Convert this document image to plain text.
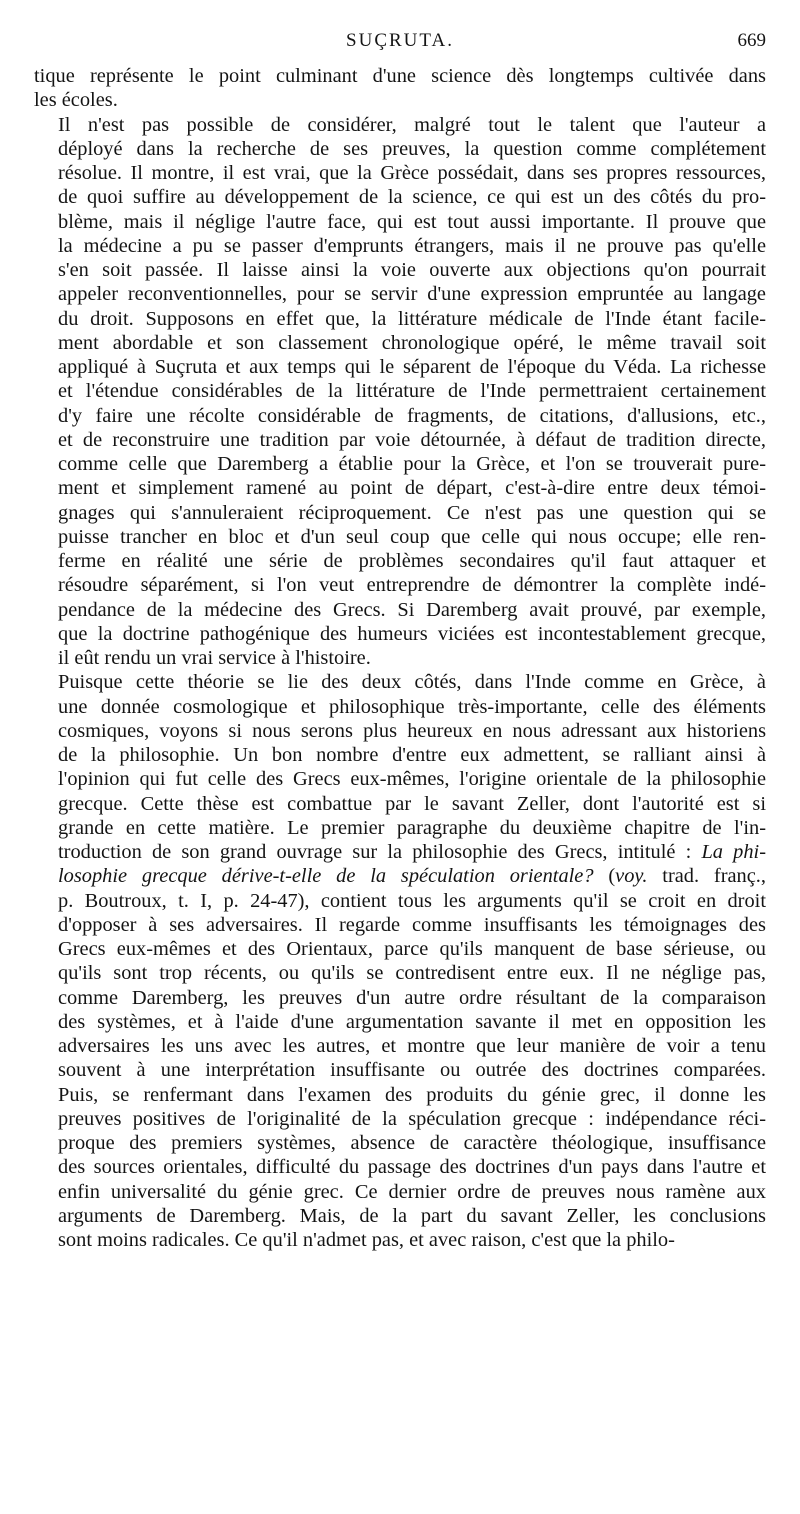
SUÇRUTA.	669
tique représente le point culminant d'une science dès longtemps cultivée dans
les écoles.
Il n'est pas possible de considérer, malgré tout le talent que l'auteur a
déployé dans la recherche de ses preuves, la question comme complétement
résolue. Il montre, il est vrai, que la Grèce possédait, dans ses propres ressources,
de quoi suffire au développement de la science, ce qui est un des côtés du pro-
blème, mais il néglige l'autre face, qui est tout aussi importante. Il prouve que
la médecine a pu se passer d'emprunts étrangers, mais il ne prouve pas qu'elle
s'en soit passée. Il laisse ainsi la voie ouverte aux objections qu'on pourrait
appeler reconventionnelles, pour se servir d'une expression empruntée au langage
du droit. Supposons en effet que, la littérature médicale de l'Inde étant facile-
ment abordable et son classement chronologique opéré, le même travail soit
appliqué à Suçruta et aux temps qui le séparent de l'époque du Véda. La richesse
et l'étendue considérables de la littérature de l'Inde permettraient certainement
d'y faire une récolte considérable de fragments, de citations, d'allusions, etc.,
et de reconstruire une tradition par voie détournée, à défaut de tradition directe,
comme celle que Daremberg a établie pour la Grèce, et l'on se trouverait pure-
ment et simplement ramené au point de départ, c'est-à-dire entre deux témoi-
gnages qui s'annuleraient réciproquement. Ce n'est pas une question qui se
puisse trancher en bloc et d'un seul coup que celle qui nous occupe; elle ren-
ferme en réalité une série de problèmes secondaires qu'il faut attaquer et
résoudre séparément, si l'on veut entreprendre de démontrer la complète indé-
pendance de la médecine des Grecs. Si Daremberg avait prouvé, par exemple,
que la doctrine pathogénique des humeurs viciées est incontestablement grecque,
il eût rendu un vrai service à l'histoire.
Puisque cette théorie se lie des deux côtés, dans l'Inde comme en Grèce, à
une donnée cosmologique et philosophique très-importante, celle des éléments
cosmiques, voyons si nous serons plus heureux en nous adressant aux historiens
de la philosophie. Un bon nombre d'entre eux admettent, se ralliant ainsi à
l'opinion qui fut celle des Grecs eux-mêmes, l'origine orientale de la philosophie
grecque. Cette thèse est combattue par le savant Zeller, dont l'autorité est si
grande en cette matière. Le premier paragraphe du deuxième chapitre de l'in-
troduction de son grand ouvrage sur la philosophie des Grecs, intitulé : La phi-
losophie grecque dérive-t-elle de la spéculation orientale? (voy. trad. franç.,
p. Boutroux, t. I, p. 24-47), contient tous les arguments qu'il se croit en droit
d'opposer à ses adversaires. Il regarde comme insuffisants les témoignages des
Grecs eux-mêmes et des Orientaux, parce qu'ils manquent de base sérieuse, ou
qu'ils sont trop récents, ou qu'ils se contredisent entre eux. Il ne néglige pas,
comme Daremberg, les preuves d'un autre ordre résultant de la comparaison
des systèmes, et à l'aide d'une argumentation savante il met en opposition les
adversaires les uns avec les autres, et montre que leur manière de voir a tenu
souvent à une interprétation insuffisante ou outrée des doctrines comparées.
Puis, se renfermant dans l'examen des produits du génie grec, il donne les
preuves positives de l'originalité de la spéculation grecque : indépendance réci-
proque des premiers systèmes, absence de caractère théologique, insuffisance
des sources orientales, difficulté du passage des doctrines d'un pays dans l'autre et
enfin universalité du génie grec. Ce dernier ordre de preuves nous ramène aux
arguments de Daremberg. Mais, de la part du savant Zeller, les conclusions
sont moins radicales. Ce qu'il n'admet pas, et avec raison, c'est que la philo-
